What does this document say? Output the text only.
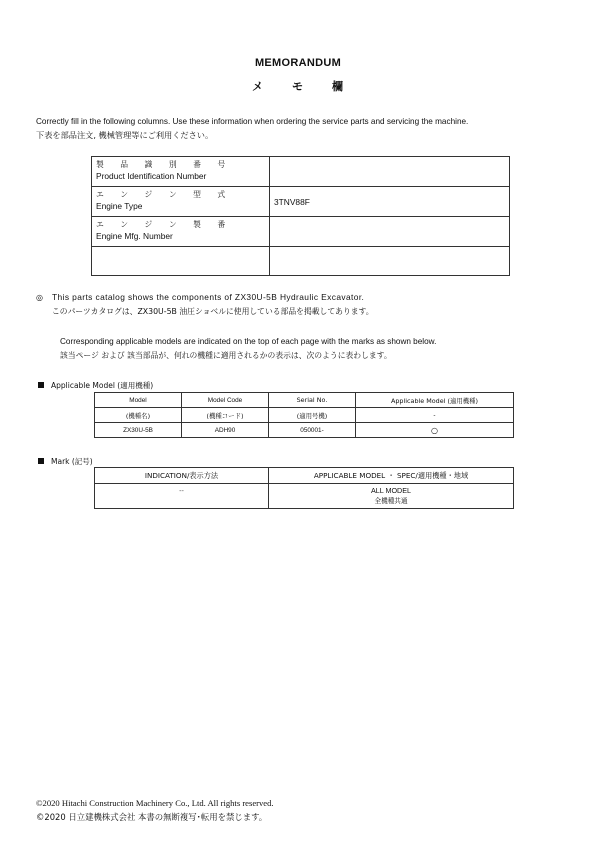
MEMORANDUM
メ	モ	欄
Correctly fill in the following columns. Use these information when ordering the service parts and servicing the machine.
下表を部品注文, 機械管理等にご利用ください。
製 品 識 別 番 号
Product Identification Number	

エ ン ジ ン 型 式
Engine Type	3TNV88F

エ ン ジ ン 製 番
Engine Mfg. Number	

◎ This parts catalog shows the components of ZX30U-5B Hydraulic Excavator.
このパーツカタログは、ZX30U-5B 油圧ショベルに使用している部品を掲載してあります。
Corresponding applicable models are indicated on the top of each page with the marks as shown below.
該当ページ および 該当部品が、何れの機種に適用されるかの表示は、次のように表わします。
Applicable Model (適用機種)
Model	Model Code	Serial No.	Applicable Model (適用機種)
(機種名)	(機種コード)	(適用号機)	-
ZX30U-5B	ADH90	050001-	○
Mark (記号)
INDICATION/表示方法	APPLICABLE MODEL ・ SPEC/適用機種・地域
--	ALL MODEL
全機種共通
©2020 Hitachi Construction Machinery Co., Ltd. All rights reserved.
©2020 日立建機株式会社 本書の無断複写･転用を禁じます。
